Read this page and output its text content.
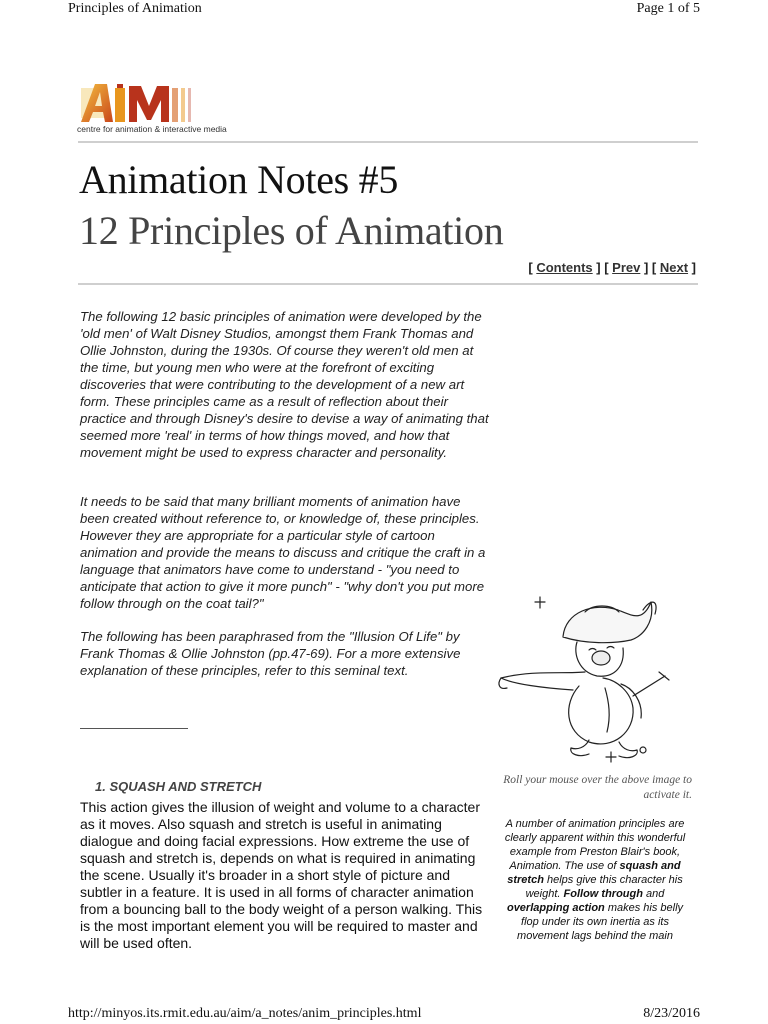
Principles of Animation	Page 1 of 5
centre for animation & interactive media
Animation Notes #5
12 Principles of Animation
[ Contents ] [ Prev ] [ Next ]
The following 12 basic principles of animation were developed by the 'old men' of Walt Disney Studios, amongst them Frank Thomas and Ollie Johnston, during the 1930s. Of course they weren't old men at the time, but young men who were at the forefront of exciting discoveries that were contributing to the development of a new art form. These principles came as a result of reflection about their practice and through Disney's desire to devise a way of animating that seemed more 'real' in terms of how things moved, and how that movement might be used to express character and personality.
It needs to be said that many brilliant moments of animation have been created without reference to, or knowledge of, these principles. However they are appropriate for a particular style of cartoon animation and provide the means to discuss and critique the craft in a language that animators have come to understand - "you need to anticipate that action to give it more punch" - "why don't you put more follow through on the coat tail?"
The following has been paraphrased from the "Illusion Of Life" by Frank Thomas & Ollie Johnston (pp.47-69). For a more extensive explanation of these principles, refer to this seminal text.
1. SQUASH AND STRETCH
This action gives the illusion of weight and volume to a character as it moves. Also squash and stretch is useful in animating dialogue and doing facial expressions. How extreme the use of squash and stretch is, depends on what is required in animating the scene. Usually it's broader in a short style of picture and subtler in a feature. It is used in all forms of character animation from a bouncing ball to the body weight of a person walking. This is the most important element you will be required to master and will be used often.
Roll your mouse over the above image to activate it.
A number of animation principles are clearly apparent within this wonderful example from Preston Blair's book, Animation. The use of squash and stretch helps give this character his weight. Follow through and overlapping action makes his belly flop under its own inertia as its movement lags behind the main
http://minyos.its.rmit.edu.au/aim/a_notes/anim_principles.html	8/23/2016
